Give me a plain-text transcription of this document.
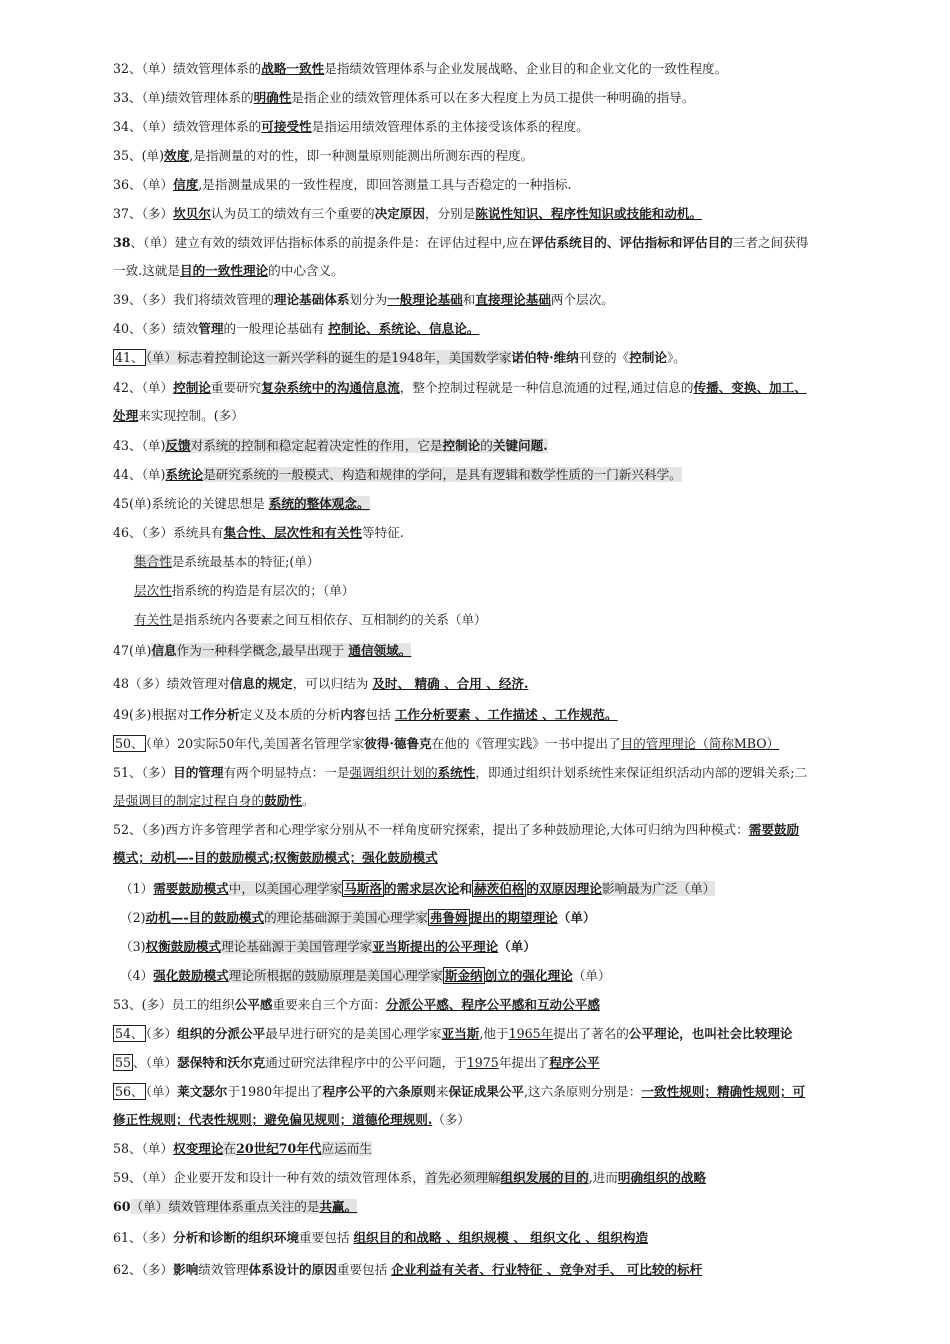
32、（单）绩效管理体系的战略一致性是指绩效管理体系与企业发展战略、企业目的和企业文化的一致性程度。
33、（单)绩效管理体系的明确性是指企业的绩效管理体系可以在多大程度上为员工提供一种明确的指导。
34、（单）绩效管理体系的可接受性是指运用绩效管理体系的主体接受该体系的程度。
35、(单)效度,是指测量的对的性，即一种测量原则能测出所测东西的程度。
36、（单）信度,是指测量成果的一致性程度，即回答测量工具与否稳定的一种指标.
37、（多）坎贝尔认为员工的绩效有三个重要的决定原因，分别是陈说性知识、程序性知识或技能和动机。
38、（单）建立有效的绩效评估指标体系的前提条件是：在评估过程中,应在评估系统目的、评估指标和评估目的三者之间获得
一致.这就是目的一致性理论的中心含义。
39、（多）我们将绩效管理的理论基础体系划分为一般理论基础和直接理论基础两个层次。
40、（多）绩效管理的一般理论基础有 控制论、系统论、信息论。
41、 （单）标志着控制论这一新兴学科的诞生的是1948年，美国数学家诺伯特·维纳刊登的《控制论》。
42、（单）控制论重要研究复杂系统中的沟通信息流，整个控制过程就是一种信息流通的过程,通过信息的传播、变换、加工、
处理来实现控制。(多）
43、（单)反馈对系统的控制和稳定起着决定性的作用，它是控制论的关键问题.
44、（单)系统论是研究系统的一般模式、构造和规律的学问，是具有逻辑和数学性质的一门新兴科学。
45(单)系统论的关键思想是 系统的整体观念。
46、（多）系统具有集合性、层次性和有关性等特征.
集合性是系统最基本的特征;(单）
层次性指系统的构造是有层次的；（单）
有关性是指系统内各要素之间互相依存、互相制约的关系（单）
47(单)信息作为一种科学概念,最早出现于 通信领域。
48（多）绩效管理对信息的规定，可以归结为 及时、 精确 、合用 、经济.
49(多)根据对工作分析定义及本质的分析内容包括 工作分析要素 、工作描述 、工作规范。
50、 （单）20实际50年代,美国著名管理学家彼得·德鲁克在他的《管理实践》一书中提出了目的管理理论（简称MBO）
51、（多）目的管理有两个明显特点：一是强调组织计划的系统性，即通过组织计划系统性来保证组织活动内部的逻辑关系;二
是强调目的制定过程自身的鼓励性。
52、（多)西方许多管理学者和心理学家分别从不一样角度研究探索，提出了多种鼓励理论,大体可归纳为四种模式：需要鼓励
模式；动机—-目的鼓励模式;权衡鼓励模式；强化鼓励模式
（1）需要鼓励模式中，以美国心理学家 马斯洛 的需求层次论和 赫茨伯格 的双原因理论影响最为广泛（单）
（2)动机—-目的鼓励模式的理论基础源于美国心理学家 弗鲁姆 提出的期望理论（单）
（3)权衡鼓励模式理论基础源于美国管理学家亚当斯提出的公平理论（单）
（4）强化鼓励模式理论所根据的鼓励原理是美国心理学家 斯金纳 创立的强化理论（单）
53、(多）员工的组织公平感重要来自三个方面：分派公平感、程序公平感和互动公平感
54、 （多）组织的分派公平最早进行研究的是美国心理学家亚当斯,他于1965年提出了著名的公平理论，也叫社会比较理论
55 、（单）瑟保特和沃尔克通过研究法律程序中的公平问题，于1975年提出了程序公平
56、 （单）莱文瑟尔于1980年提出了程序公平的六条原则来保证成果公平,这六条原则分别是：一致性规则；精确性规则；可
修正性规则；代表性规则；避免偏见规则；道德伦理规则.（多）
58、（单）权变理论在20世纪70年代应运而生
59、（单）企业要开发和设计一种有效的绩效管理体系，首先必须理解组织发展的目的,进而明确组织的战略
60（单）绩效管理体系重点关注的是共赢。
61、（多）分析和诊断的组织环境重要包括 组织目的和战略 、组织规模 、 组织文化 、组织构造
62、（多）影响绩效管理体系设计的原因重要包括 企业利益有关者、行业特征 、竞争对手、 可比较的标杆
